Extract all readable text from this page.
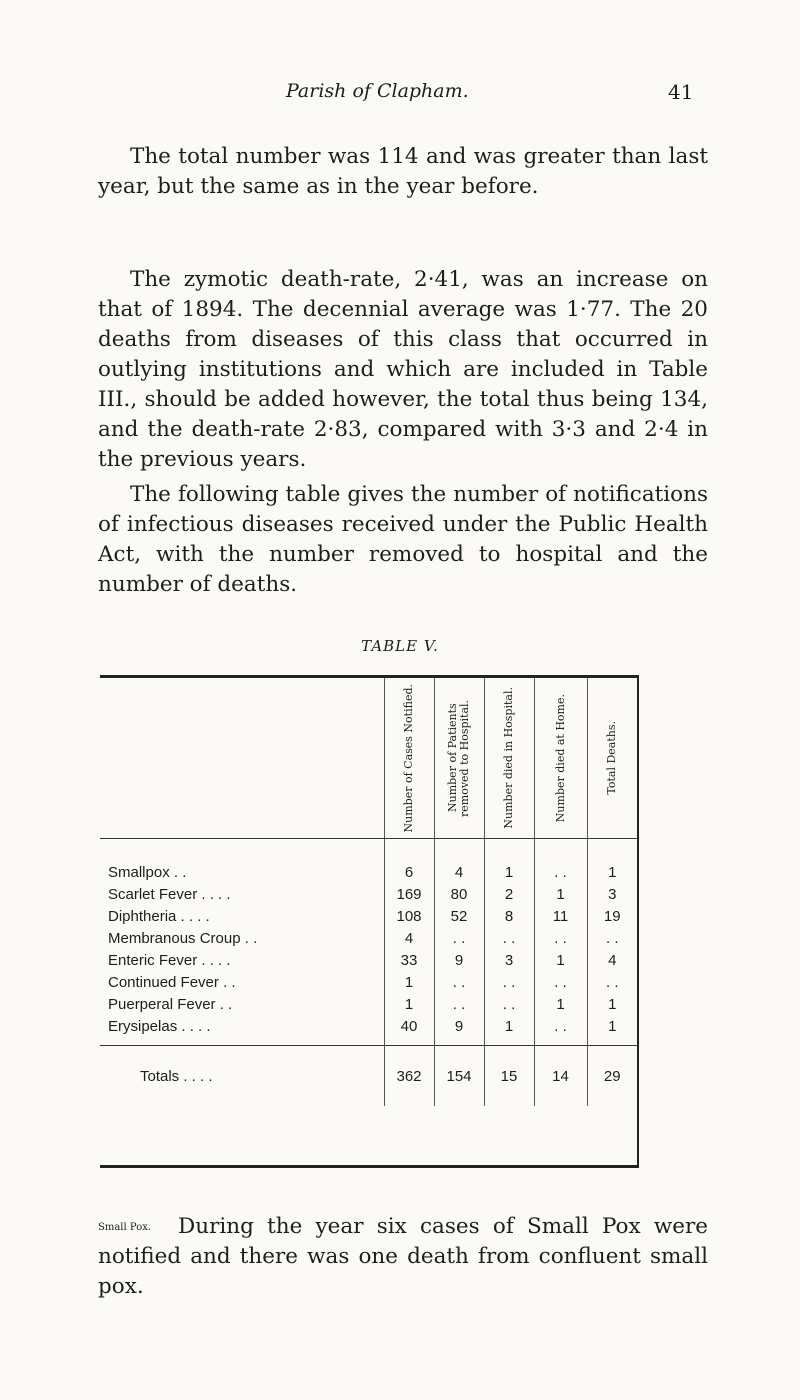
Parish of Clapham.	41

The total number was 114 and was greater than last year, but the same as in the year before.

The zymotic death-rate, 2·41, was an increase on that of 1894. The decennial average was 1·77. The 20 deaths from diseases of this class that occurred in outlying institutions and which are included in Table III., should be added however, the total thus being 134, and the death-rate 2·83, compared with 3·3 and 2·4 in the previous years.

The following table gives the number of notifications of infectious diseases received under the Public Health Act, with the number removed to hospital and the number of deaths.

TABLE V.

	Number of Cases Notified.	Number of Patients removed to Hospital.	Number died in Hospital.	Number died at Home.	Total Deaths.

Smallpox . .	6	4	1	. .	1
Scarlet Fever . . . .	169	80	2	1	3
Diphtheria . . . .	108	52	8	11	19
Membranous Croup . .	4	. .	. .	. .	. .
Enteric Fever . . . .	33	9	3	1	4
Continued Fever . .	1	. .	. .	. .	. .
Puerperal Fever . .	1	. .	. .	1	1
Erysipelas . . . .	40	9	1	. .	1

Totals . . . .	362	154	15	14	29
Small Pox.	During the year six cases of Small Pox were notified and there was one death from confluent small pox.
